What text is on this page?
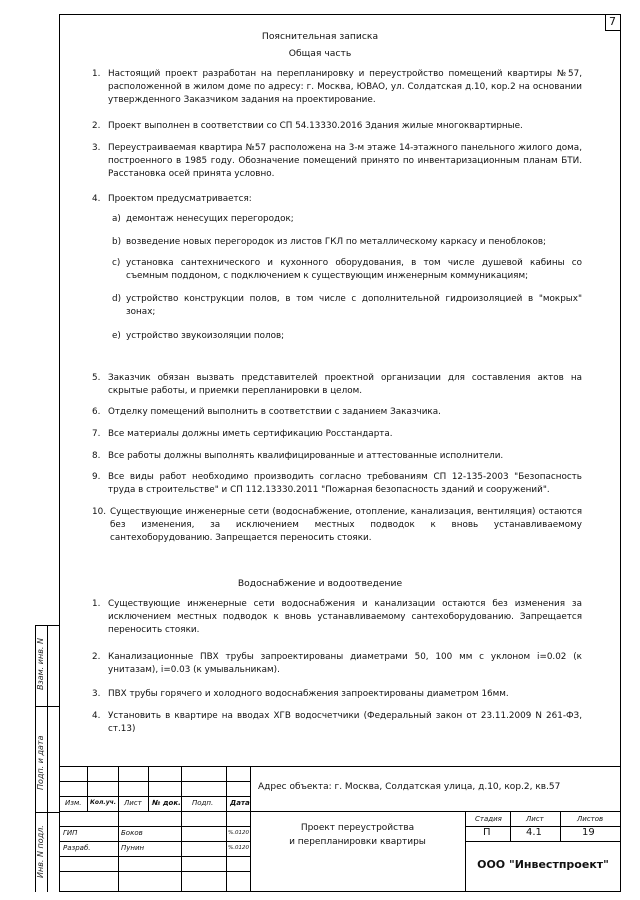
7
Взам. инв. N
Подп. и дата
Инв. N подл.
Пояснительная записка
Общая часть
1. Настоящий проект разработан на перепланировку и переустройство помещений квартиры №57, расположенной в жилом доме по адресу: г. Москва, ЮВАО, ул. Солдатская д.10, кор.2 на основании утвержденного Заказчиком задания на проектирование.
2. Проект выполнен в соответствии со СП 54.13330.2016 Здания жилые многоквартирные.
3. Переустраиваемая квартира №57 расположена на 3-м этаже 14-этажного панельного жилого дома, построенного в 1985 году. Обозначение помещений принято по инвентаризационным планам БТИ. Расстановка осей принята условно.
4. Проектом предусматривается:
a) демонтаж ненесущих перегородок;
b) возведение новых перегородок из листов ГКЛ по металлическому каркасу и пеноблоков;
c) установка сантехнического и кухонного оборудования, в том числе душевой кабины со съемным поддоном, с подключением к существующим инженерным коммуникациям;
d) устройство конструкции полов, в том числе с дополнительной гидроизоляцией в "мокрых" зонах;
e) устройство звукоизоляции полов;
5. Заказчик обязан вызвать представителей проектной организации для составления актов на скрытые работы, и приемки перепланировки в целом.
6. Отделку помещений выполнить в соответствии с заданием Заказчика.
7. Все материалы должны иметь сертификацию Росстандарта.
8. Все работы должны выполнять квалифицированные и аттестованные исполнители.
9. Все виды работ необходимо производить согласно требованиям СП 12-135-2003 "Безопасность труда в строительстве" и СП 112.13330.2011 "Пожарная безопасность зданий и сооружений".
10. Существующие инженерные сети (водоснабжение, отопление, канализация, вентиляция) остаются без изменения, за исключением местных подводок к вновь устанавливаемому сантехоборудованию. Запрещается переносить стояки.
Водоснабжение и водоотведение
1. Существующие инженерные сети водоснабжения и канализации остаются без изменения за исключением местных подводок к вновь устанавливаемому сантехоборудованию. Запрещается переносить стояки.
2. Канализационные ПВХ трубы запроектированы диаметрами 50, 100 мм с уклоном i=0.02 (к унитазам), i=0.03 (к умывальникам).
3. ПВХ трубы горячего и холодного водоснабжения запроектированы диаметром 16мм.
4. Установить в квартире на вводах ХГВ водосчетчики (Федеральный закон от 23.11.2009 N 261-ФЗ, ст.13)
Изм. Кол.уч. Лист № док. Подп. Дата
ГИП	Боков	%.0120
Разраб.	Пунин	%.0120
Адрес объекта: г. Москва, Солдатская улица, д.10, кор.2, кв.57
Проект переустройства
и перепланировки квартиры
Стадия	Лист	Листов
П	4.1	19
ООО "Инвестпроект"
